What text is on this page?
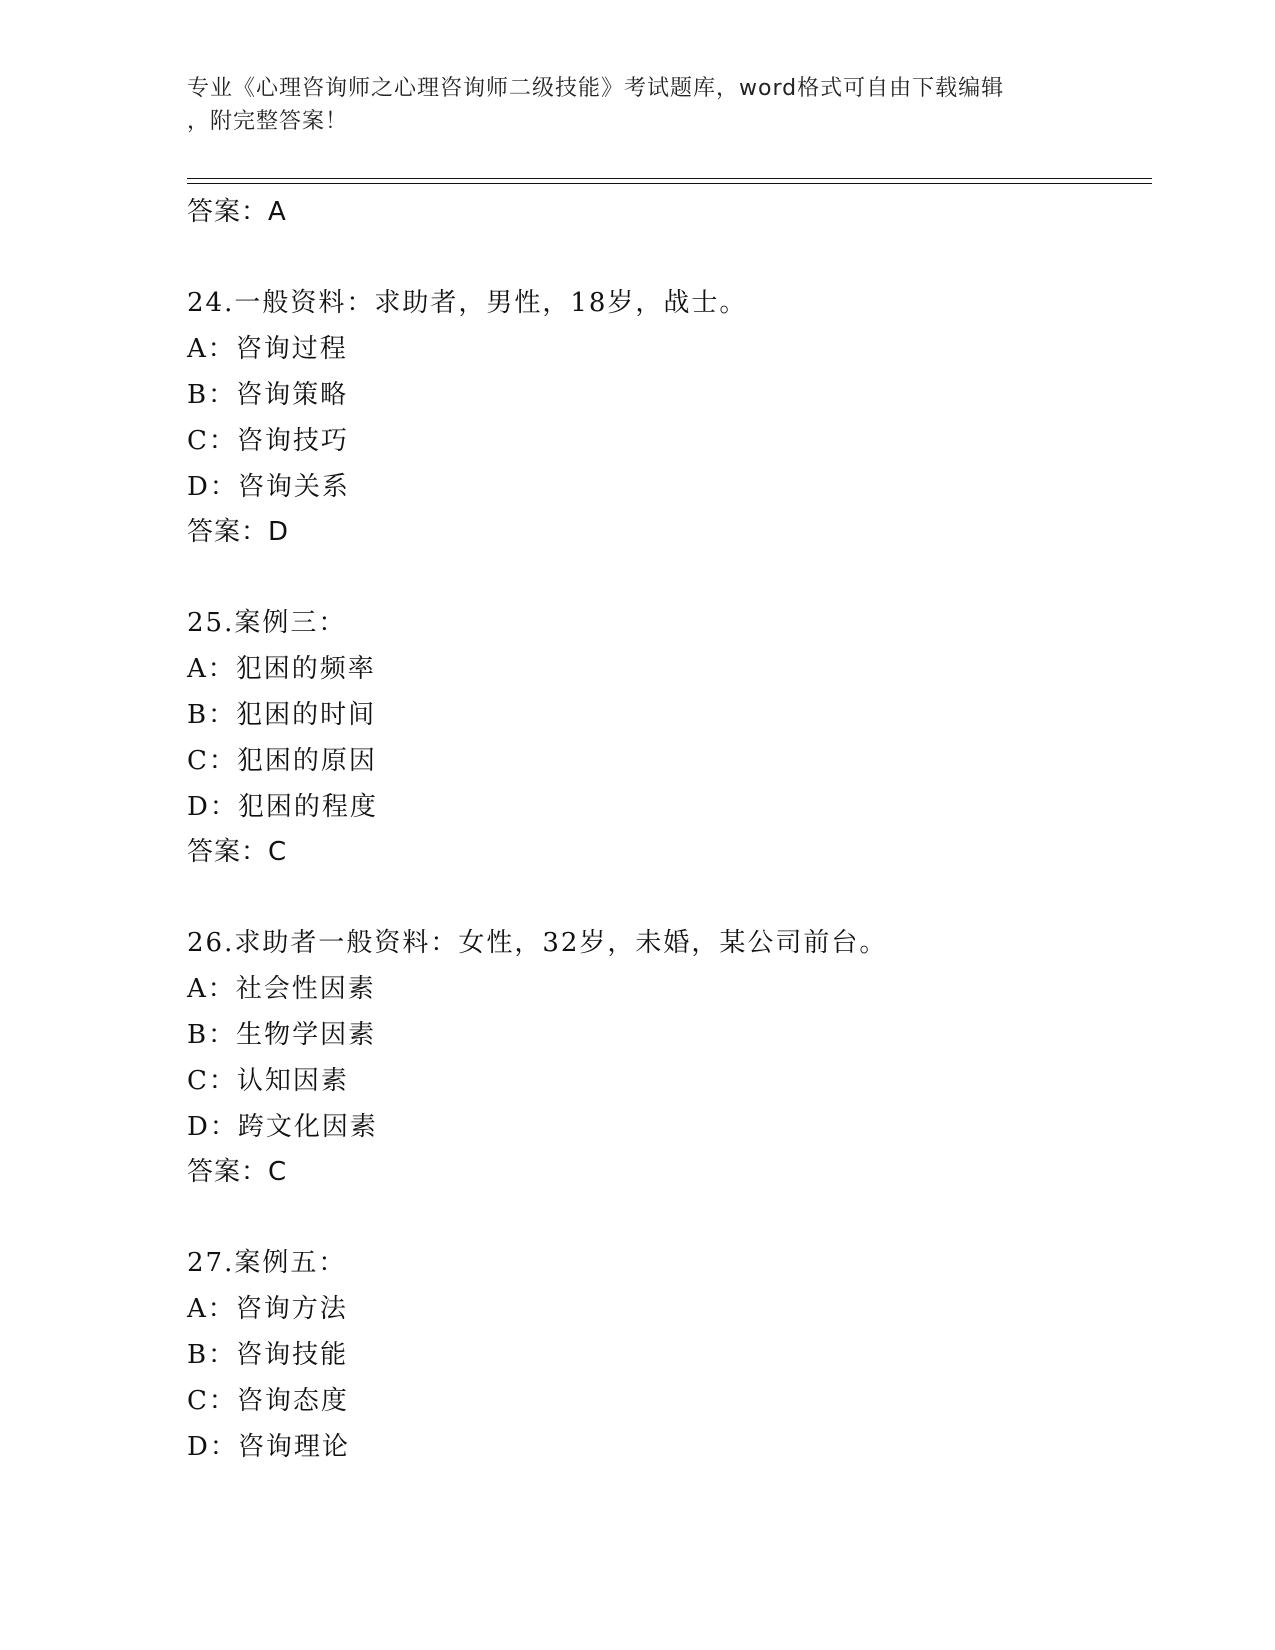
专业《心理咨询师之心理咨询师二级技能》考试题库，word格式可自由下载编辑
，附完整答案！
答案：A
24.一般资料：求助者，男性，18岁，战士。
A：咨询过程
B：咨询策略
C：咨询技巧
D：咨询关系
答案：D
25.案例三：
A：犯困的频率
B：犯困的时间
C：犯困的原因
D：犯困的程度
答案：C
26.求助者一般资料：女性，32岁，未婚，某公司前台。
A：社会性因素
B：生物学因素
C：认知因素
D：跨文化因素
答案：C
27.案例五：
A：咨询方法
B：咨询技能
C：咨询态度
D：咨询理论
